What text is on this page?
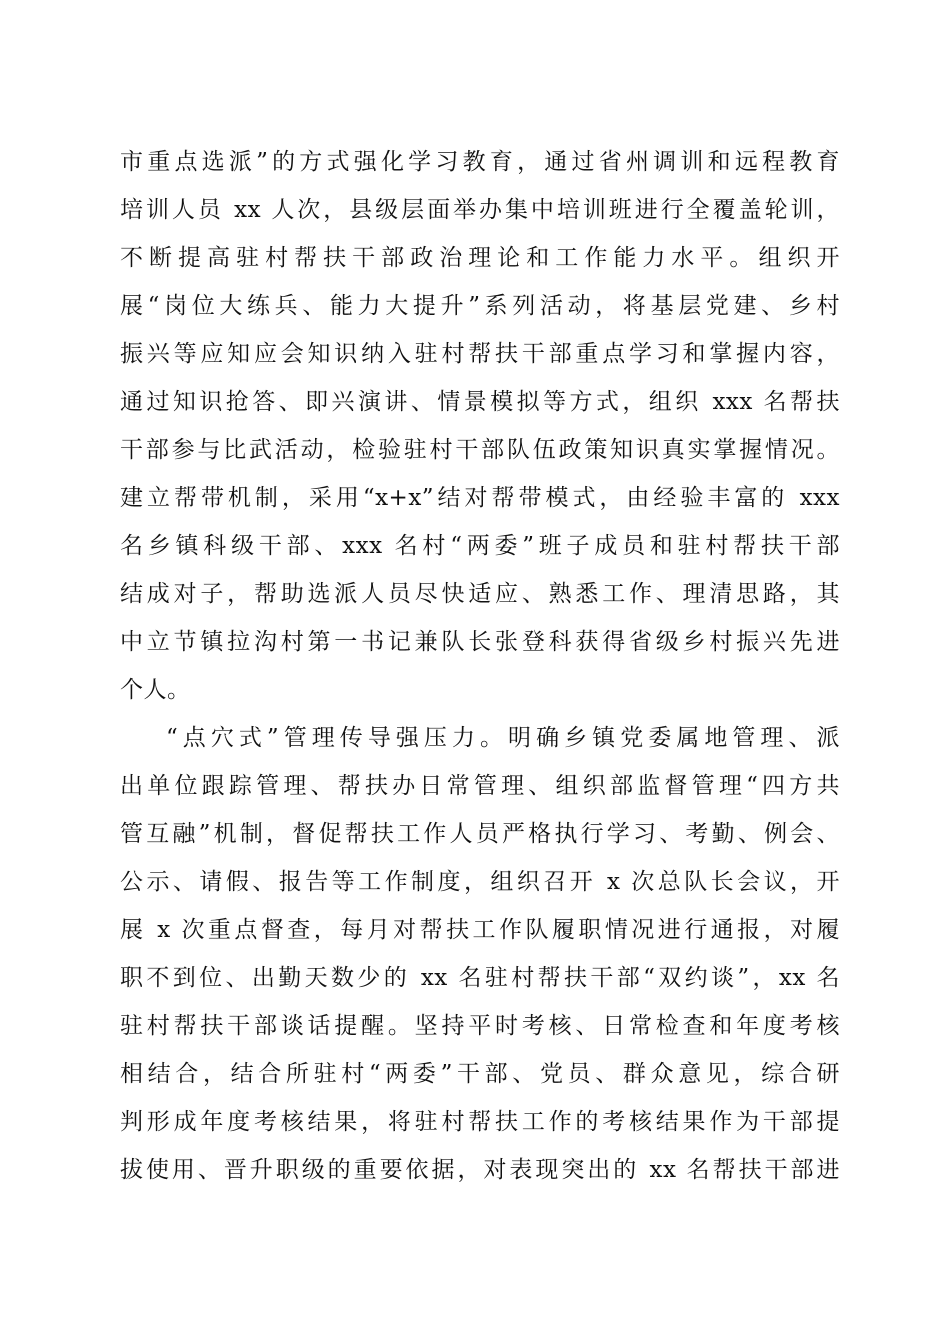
市重点选派”的方式强化学习教育，通过省州调训和远程教育
培训人员 xx 人次，县级层面举办集中培训班进行全覆盖轮训，
不断提高驻村帮扶干部政治理论和工作能力水平。组织开
展“岗位大练兵、能力大提升”系列活动，将基层党建、乡村
振兴等应知应会知识纳入驻村帮扶干部重点学习和掌握内容，
通过知识抢答、即兴演讲、情景模拟等方式，组织 xxx 名帮扶
干部参与比武活动，检验驻村干部队伍政策知识真实掌握情况。
建立帮带机制，采用“x+x”结对帮带模式，由经验丰富的 xxx
名乡镇科级干部、xxx 名村“两委”班子成员和驻村帮扶干部
结成对子，帮助选派人员尽快适应、熟悉工作、理清思路，其
中立节镇拉沟村第一书记兼队长张登科获得省级乡村振兴先进
个人。
“点穴式”管理传导强压力。明确乡镇党委属地管理、派
出单位跟踪管理、帮扶办日常管理、组织部监督管理“四方共
管互融”机制，督促帮扶工作人员严格执行学习、考勤、例会、
公示、请假、报告等工作制度，组织召开 x 次总队长会议，开
展 x 次重点督查，每月对帮扶工作队履职情况进行通报，对履
职不到位、出勤天数少的 xx 名驻村帮扶干部“双约谈”，xx 名
驻村帮扶干部谈话提醒。坚持平时考核、日常检查和年度考核
相结合，结合所驻村“两委”干部、党员、群众意见，综合研
判形成年度考核结果，将驻村帮扶工作的考核结果作为干部提
拔使用、晋升职级的重要依据，对表现突出的 xx 名帮扶干部进
